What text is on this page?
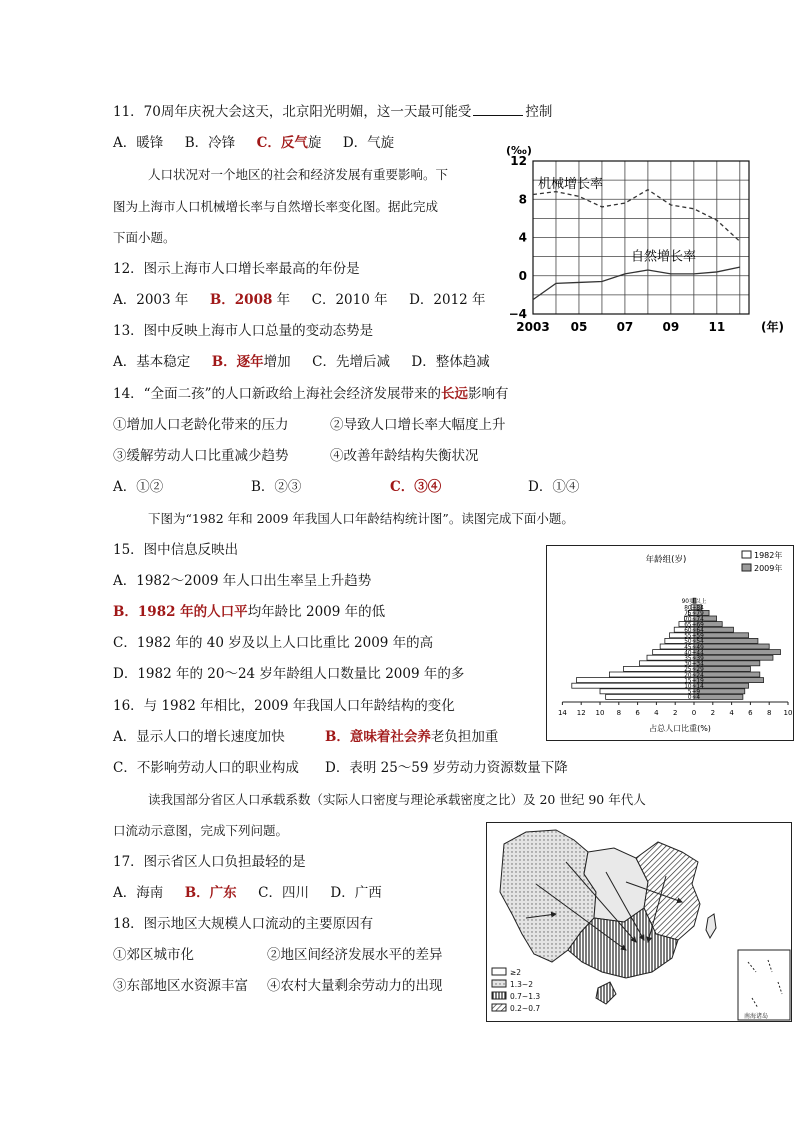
11．70周年庆祝大会这天，北京阳光明媚，这一天最可能受	控制
A．暖锋 B．冷锋 C．反气旋 D．气旋
人口状况对一个地区的社会和经济发展有重要影响。下
图为上海市人口机械增长率与自然增长率变化图。据此完成
下面小题。
12
8
4
0
−4
2003 05 07 09 11
(‰)
(年)
机械增长率
自然增长率
12．图示上海市人口增长率最高的年份是
A．2003 年 B．2008 年 C．2010 年 D．2012 年
13．图中反映上海市人口总量的变动态势是
A．基本稳定 B．逐年增加 C．先增后减 D．整体趋减
14．“全面二孩”的人口新政给上海社会经济发展带来的长远影响有
①增加人口老龄化带来的压力	②导致人口增长率大幅度上升
③缓解劳动人口比重减少趋势	④改善年龄结构失衡状况
A．①②	B．②③	C．③④	D．①④
下图为“1982 年和 2009 年我国人口年龄结构统计图”。读图完成下面小题。
15．图中信息反映出
A．1982～2009 年人口出生率呈上升趋势
B．1982 年的人口平均年龄比 2009 年的低
C．1982 年的 40 岁及以上人口比重比 2009 年的高
D．1982 年的 20～24 岁年龄组人口数量比 2009 年的多
14 12 10 8 6 4 2 0 2 4 6 8 10
占总人口比重(%)
年龄组(岁)
0~4
5~9
10~14
15~19
20~24
25~29
30~34
35~39
40~44
45~49
50~54
55~59
60~64
65~69
70~74
75~79
80~84
90岁以上
1982年
2009年
16．与 1982 年相比，2009 年我国人口年龄结构的变化
A．显示人口的增长速度加快	B．意味着社会养老负担加重
C．不影响劳动人口的职业构成 D．表明 25～59 岁劳动力资源数量下降
读我国部分省区人口承载系数（实际人口密度与理论承载密度之比）及 20 世纪 90 年代人
口流动示意图，完成下列问题。
17．图示省区人口负担最轻的是
A．海南 B．广东 C．四川 D．广西
18．图示地区大规模人口流动的主要原因有
①郊区城市化	②地区间经济发展水平的差异
③东部地区水资源丰富 ④农村大量剩余劳动力的出现
南海诸岛
≥2
1.3~2
0.7~1.3
0.2~0.7
